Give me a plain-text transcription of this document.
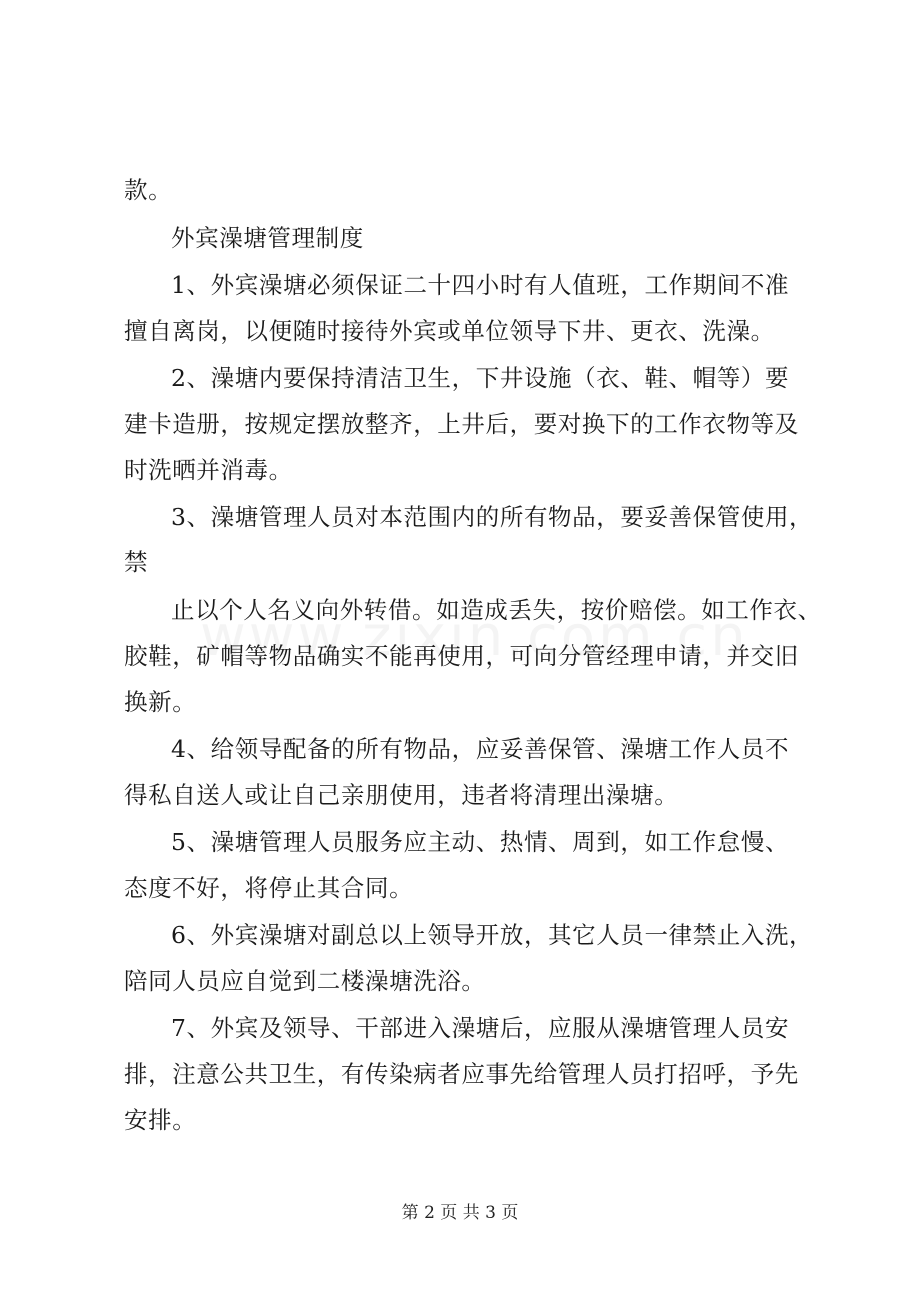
款。
外宾澡塘管理制度
1、外宾澡塘必须保证二十四小时有人值班，工作期间不准
擅自离岗，以便随时接待外宾或单位领导下井、更衣、洗澡。
2、澡塘内要保持清洁卫生，下井设施（衣、鞋、帽等）要
建卡造册，按规定摆放整齐，上井后，要对换下的工作衣物等及
时洗晒并消毒。
3、澡塘管理人员对本范围内的所有物品，要妥善保管使用，
禁
止以个人名义向外转借。如造成丢失，按价赔偿。如工作衣、
胶鞋，矿帽等物品确实不能再使用，可向分管经理申请，并交旧
换新。
4、给领导配备的所有物品，应妥善保管、澡塘工作人员不
得私自送人或让自己亲朋使用，违者将清理出澡塘。
5、澡塘管理人员服务应主动、热情、周到，如工作怠慢、
态度不好，将停止其合同。
6、外宾澡塘对副总以上领导开放，其它人员一律禁止入洗，
陪同人员应自觉到二楼澡塘洗浴。
7、外宾及领导、干部进入澡塘后，应服从澡塘管理人员安
排，注意公共卫生，有传染病者应事先给管理人员打招呼，予先
安排。
第 2 页 共 3 页
